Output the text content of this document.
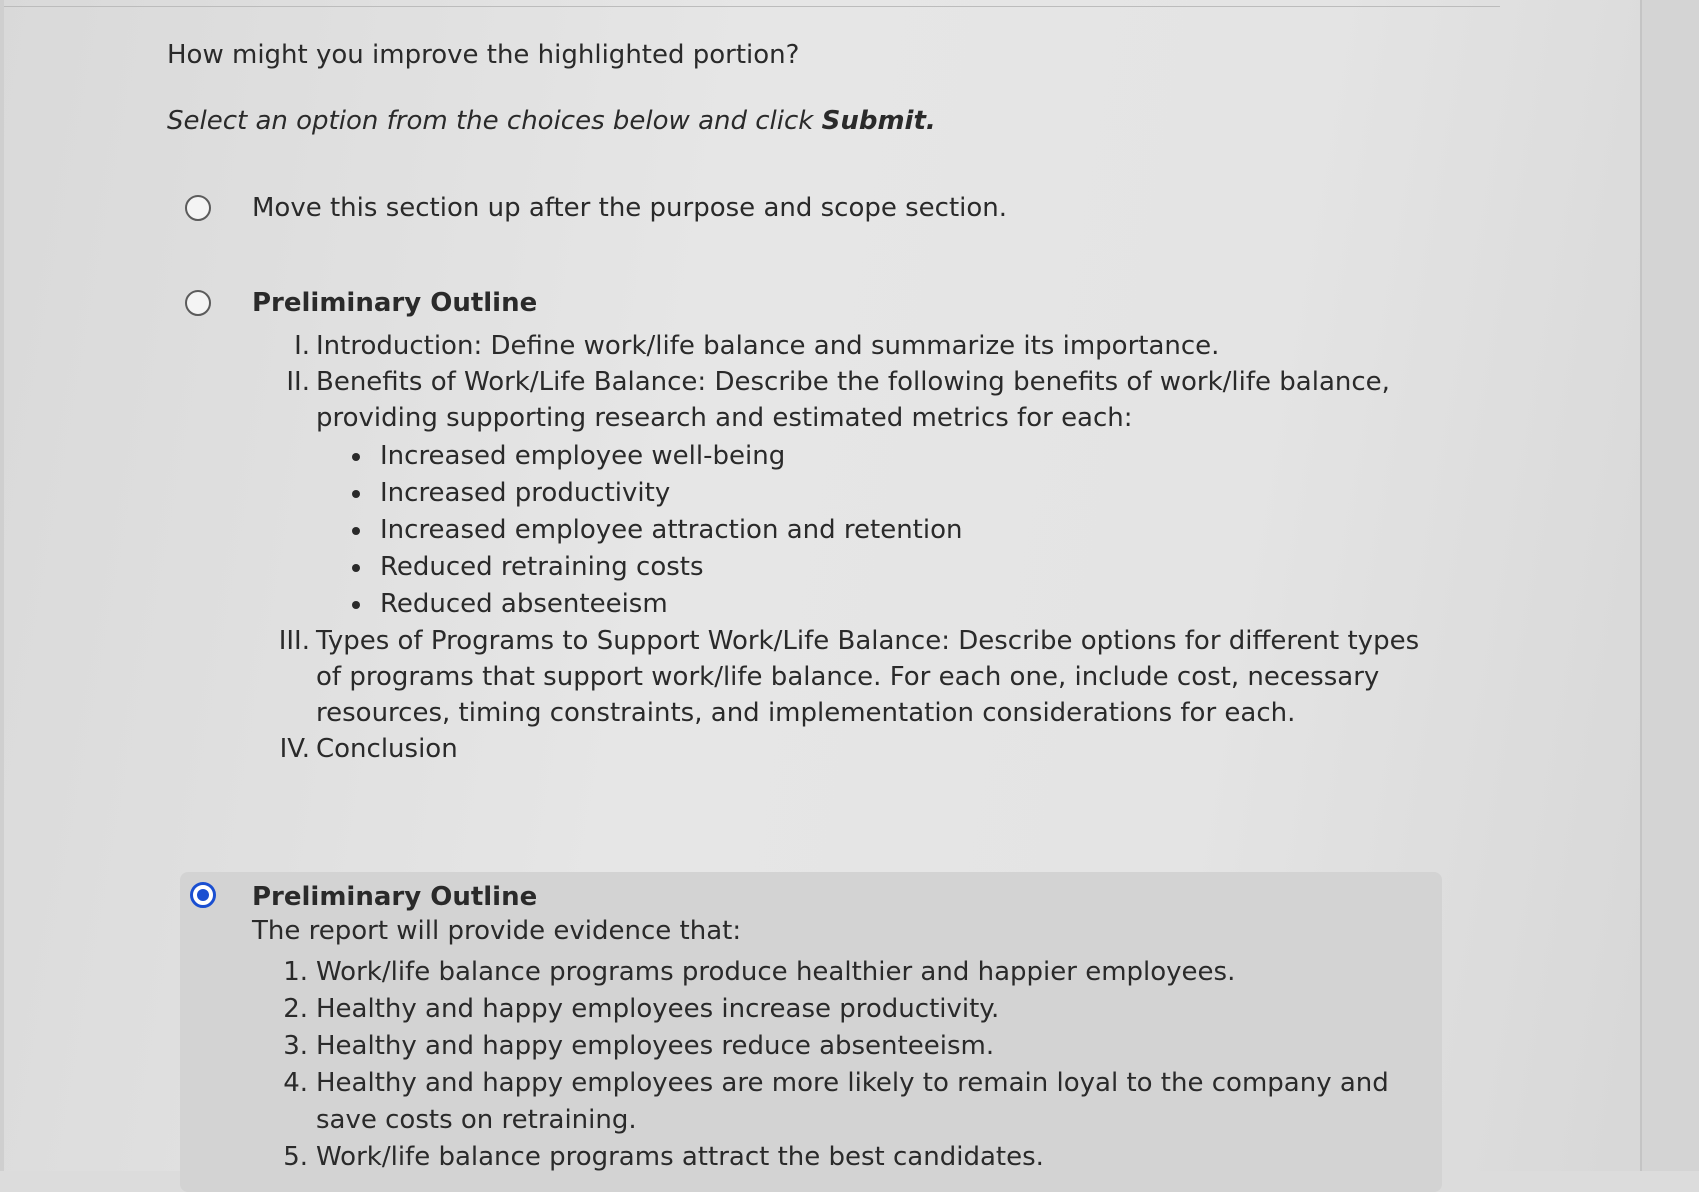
How might you improve the highlighted portion?
Select an option from the choices below and click Submit.
Move this section up after the purpose and scope section.
Preliminary Outline
I. Introduction: Define work/life balance and summarize its importance.
II. Benefits of Work/Life Balance: Describe the following benefits of work/life balance, providing supporting research and estimated metrics for each:
Increased employee well-being
Increased productivity
Increased employee attraction and retention
Reduced retraining costs
Reduced absenteeism
III. Types of Programs to Support Work/Life Balance: Describe options for different types of programs that support work/life balance. For each one, include cost, necessary resources, timing constraints, and implementation considerations for each.
IV. Conclusion
Preliminary Outline
The report will provide evidence that:
1. Work/life balance programs produce healthier and happier employees.
2. Healthy and happy employees increase productivity.
3. Healthy and happy employees reduce absenteeism.
4. Healthy and happy employees are more likely to remain loyal to the company and save costs on retraining.
5. Work/life balance programs attract the best candidates.
